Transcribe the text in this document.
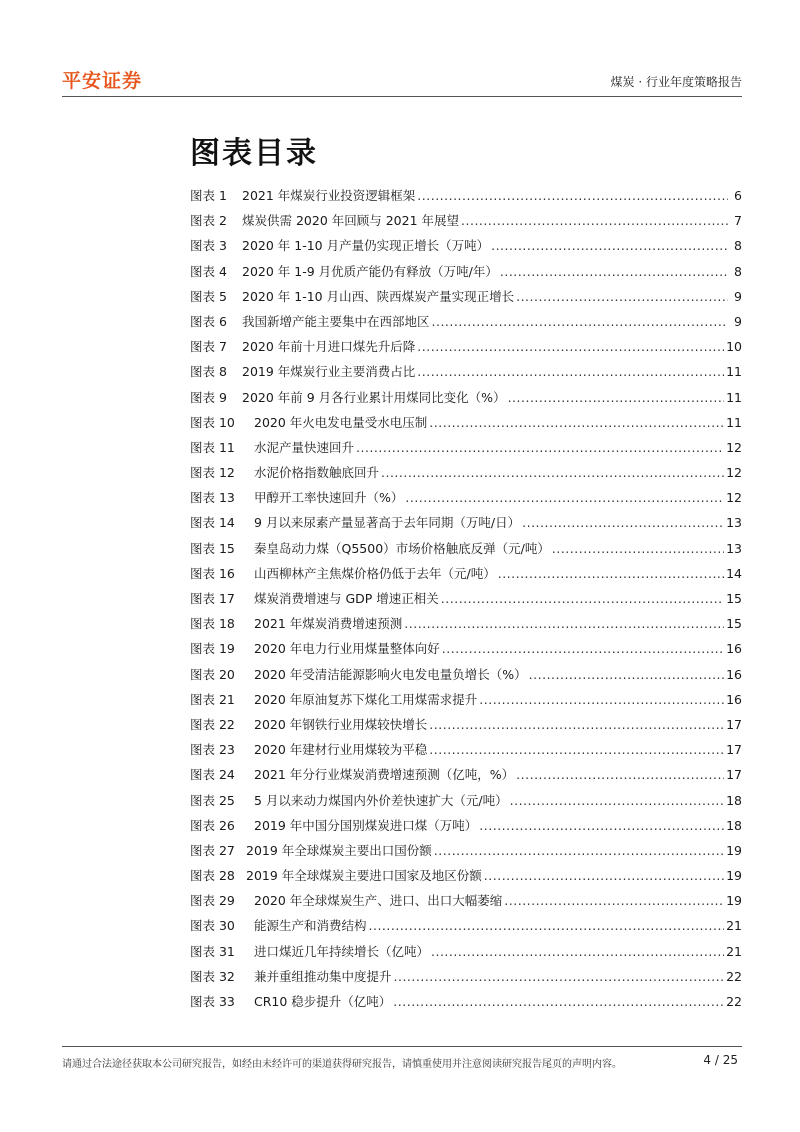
平安证券	煤炭 · 行业年度策略报告
图表目录
图表 1	2021 年煤炭行业投资逻辑框架 .....	6
图表 2	煤炭供需 2020 年回顾与 2021 年展望 .....	7
图表 3	2020 年 1-10 月产量仍实现正增长（万吨） .....	8
图表 4	2020 年 1-9 月优质产能仍有释放（万吨/年） .....	8
图表 5	2020 年 1-10 月山西、陕西煤炭产量实现正增长 .....	9
图表 6	我国新增产能主要集中在西部地区 .....	9
图表 7	2020 年前十月进口煤先升后降 .....	10
图表 8	2019 年煤炭行业主要消费占比 .....	11
图表 9	2020 年前 9 月各行业累计用煤同比变化（%） .....	11
图表 10	2020 年火电发电量受水电压制 .....	11
图表 11	水泥产量快速回升 .....	12
图表 12	水泥价格指数触底回升 .....	12
图表 13	甲醇开工率快速回升（%） .....	12
图表 14	9 月以来尿素产量显著高于去年同期（万吨/日） .....	13
图表 15	秦皇岛动力煤（Q5500）市场价格触底反弹（元/吨） .....	13
图表 16	山西柳林产主焦煤价格仍低于去年（元/吨） .....	14
图表 17	煤炭消费增速与 GDP 增速正相关 .....	15
图表 18	2021 年煤炭消费增速预测 .....	15
图表 19	2020 年电力行业用煤量整体向好 .....	16
图表 20	2020 年受清洁能源影响火电发电量负增长（%） .....	16
图表 21	2020 年原油复苏下煤化工用煤需求提升 .....	16
图表 22	2020 年钢铁行业用煤较快增长 .....	17
图表 23	2020 年建材行业用煤较为平稳 .....	17
图表 24	2021 年分行业煤炭消费增速预测（亿吨，%） .....	17
图表 25	5 月以来动力煤国内外价差快速扩大（元/吨） .....	18
图表 26	2019 年中国分国别煤炭进口煤（万吨） .....	18
图表 27 2019 年全球煤炭主要出口国份额 .....	19
图表 28 2019 年全球煤炭主要进口国家及地区份额 .....	19
图表 29	2020 年全球煤炭生产、进口、出口大幅萎缩 .....	19
图表 30	能源生产和消费结构 .....	21
图表 31	进口煤近几年持续增长（亿吨） .....	21
图表 32	兼并重组推动集中度提升 .....	22
图表 33	CR10 稳步提升（亿吨） .....	22
请通过合法途径获取本公司研究报告，如经由未经许可的渠道获得研究报告，请慎重使用并注意阅读研究报告尾页的声明内容。	4 / 25
